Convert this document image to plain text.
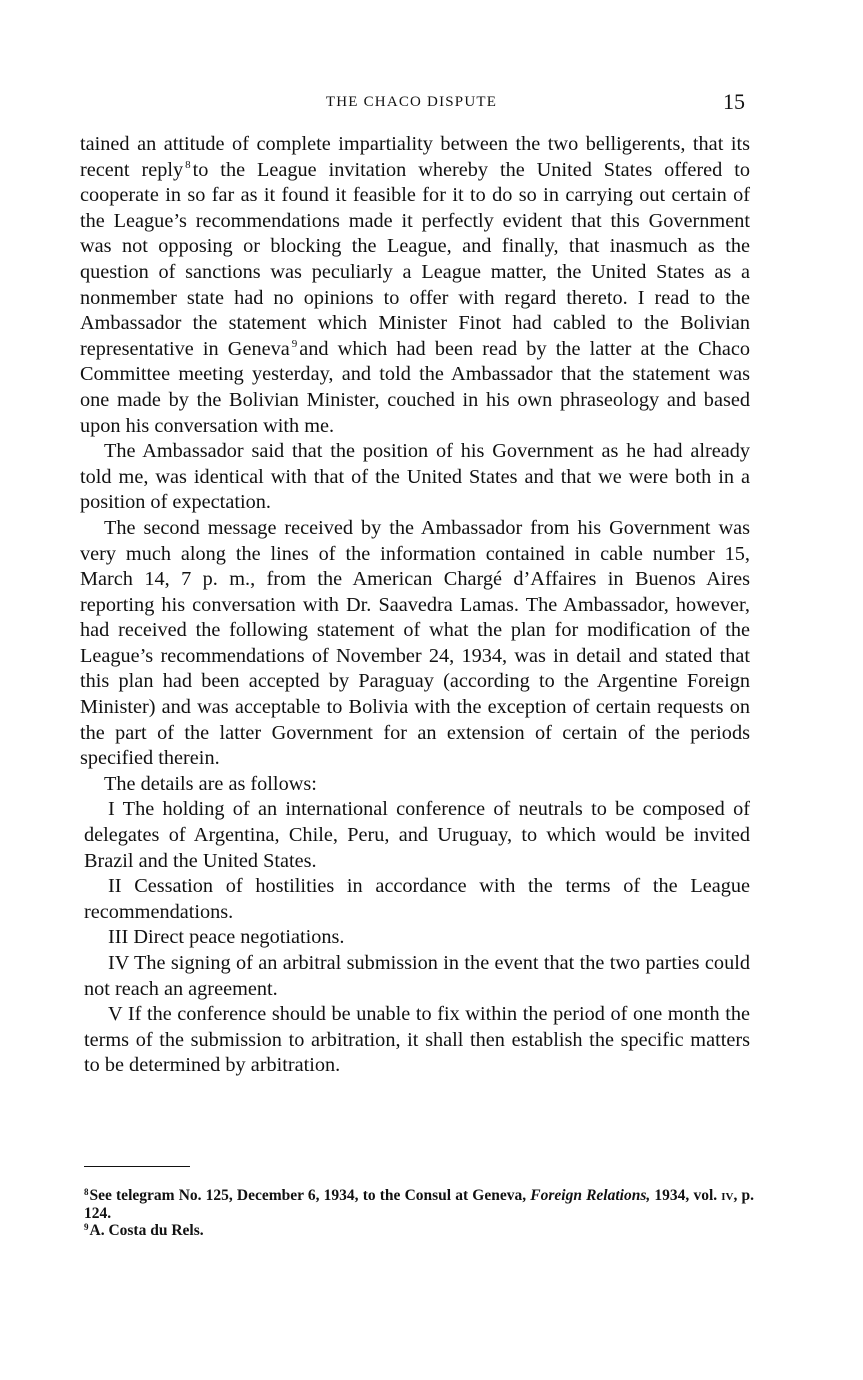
THE CHACO DISPUTE	15

tained an attitude of complete impartiality between the two belligerents, that its recent reply $^8$to the League invitation whereby the United States offered to cooperate in so far as it found it feasible for it to do so in carrying out certain of the League’s recommendations made it perfectly evident that this Government was not opposing or blocking the League, and finally, that inasmuch as the question of sanctions was peculiarly a League matter, the United States as a nonmember state had no opinions to offer with regard thereto. I read to the Ambassador the statement which Minister Finot had cabled to the Bolivian representative in Geneva $^9$and which had been read by the latter at the Chaco Committee meeting yesterday, and told the Ambassador that the statement was one made by the Bolivian Minister, couched in his own phraseology and based upon his conversation with me.

The Ambassador said that the position of his Government as he had already told me, was identical with that of the United States and that we were both in a position of expectation.

The second message received by the Ambassador from his Government was very much along the lines of the information contained in cable number 15, March 14, 7 p. m., from the American Chargé d’Affaires in Buenos Aires reporting his conversation with Dr. Saavedra Lamas. The Ambassador, however, had received the following statement of what the plan for modification of the League’s recommendations of November 24, 1934, was in detail and stated that this plan had been accepted by Paraguay (according to the Argentine Foreign Minister) and was acceptable to Bolivia with the exception of certain requests on the part of the latter Government for an extension of certain of the periods specified therein.

The details are as follows:

I The holding of an international conference of neutrals to be composed of delegates of Argentina, Chile, Peru, and Uruguay, to which would be invited Brazil and the United States.

II Cessation of hostilities in accordance with the terms of the League recommendations.

III Direct peace negotiations.

IV The signing of an arbitral submission in the event that the two parties could not reach an agreement.

V If the conference should be unable to fix within the period of one month the terms of the submission to arbitration, it shall then establish the specific matters to be determined by arbitration.

$^8$See telegram No. 125, December 6, 1934, to the Consul at Geneva, Foreign Relations, 1934, vol. iv, p. 124.

$^9$A. Costa du Rels.
